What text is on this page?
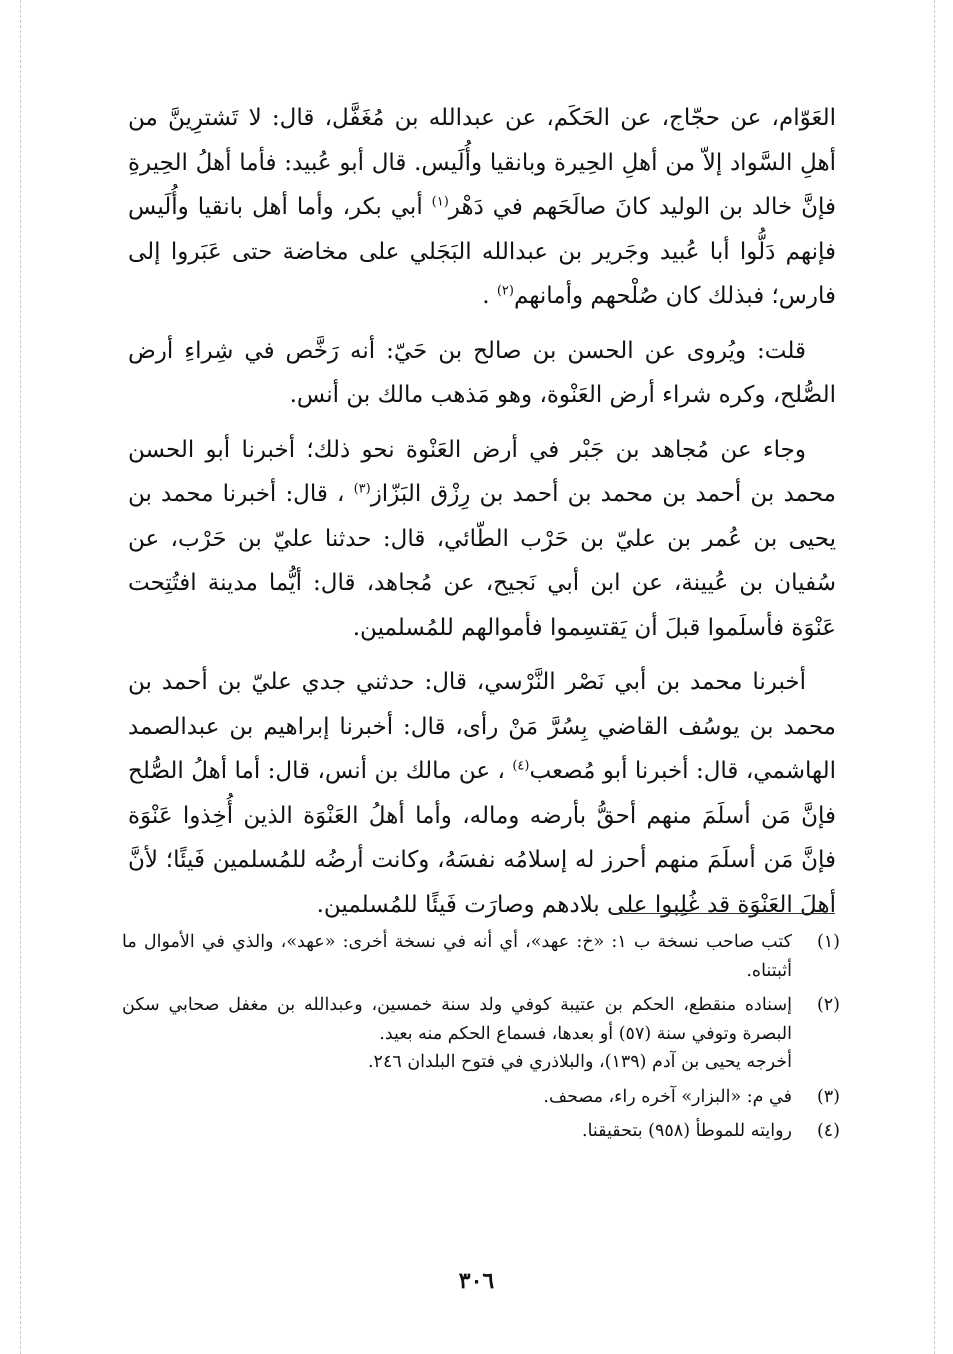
العَوّام، عن حجّاج، عن الحَكَم، عن عبدالله بن مُغَفَّل، قال: لا تَشترِينَّ من أهلِ السَّواد إلاّ من أهلِ الحِيرة وبانقيا وأُلَيس. قال أبو عُبيد: فأما أهلُ الحِيرةِ فإنَّ خالد بن الوليد كانَ صالَحَهم في دَهْر$^{(١)}$ أبي بكر، وأما أهل بانقيا وأُلَيس فإنهم دَلُّوا أبا عُبيد وجَرير بن عبدالله البَجَلي على مخاضة حتى عَبَروا إلى فارس؛ فبذلك كان صُلْحهم وأمانهم$^{(٢)}$ .

قلت: ويُروى عن الحسن بن صالح بن حَيّ: أنه رَخَّص في شِراءِ أرض الصُّلح، وكره شراء أرض العَنْوة، وهو مَذهب مالك بن أنس.

وجاء عن مُجاهد بن جَبْر في أرض العَنْوة نحو ذلك؛ أخبرنا أبو الحسن محمد بن أحمد بن محمد بن أحمد بن رِزْق البَزّاز$^{(٣)}$ ، قال: أخبرنا محمد بن يحيى بن عُمر بن عليّ بن حَرْب الطّائي، قال: حدثنا عليّ بن حَرْب، عن سُفيان بن عُيينة، عن ابن أبي نَجيح، عن مُجاهد، قال: أيُّما مدينة افتُتِحت عَنْوَة فأسلَموا قبلَ أن يَقتسِموا فأموالهم للمُسلمين.

أخبرنا محمد بن أبي نَصْر النَّرْسي، قال: حدثني جدي عليّ بن أحمد بن محمد بن يوسُف القاضي بِسُرَّ مَنْ رأى، قال: أخبرنا إبراهيم بن عبدالصمد الهاشمي، قال: أخبرنا أبو مُصعب$^{(٤)}$ ، عن مالك بن أنس، قال: أما أهلُ الصُّلح فإنَّ مَن أسلَمَ منهم أحقُّ بأرضه وماله، وأما أهلُ العَنْوَة الذين أُخِذوا عَنْوَة فإنَّ مَن أسلَمَ منهم أحرز له إسلامُه نفسَهُ، وكانت أرضُه للمُسلمين فَيئًا؛ لأنَّ أهلَ العَنْوَة قد غُلِبوا على بلادهم وصارَت فَيئًا للمُسلمين.

(١)
كتب صاحب نسخة ب ١: «خ: عهد»، أي أنه في نسخة أخرى: «عهد»، والذي في الأموال ما أثبتناه.
(٢)
إسناده منقطع، الحكم بن عتيبة كوفي ولد سنة خمسين، وعبدالله بن مغفل صحابي سكن البصرة وتوفي سنة (٥٧) أو بعدها، فسماع الحكم منه بعيد.
أخرجه يحيى بن آدم (١٣٩)، والبلاذري في فتوح البلدان ٢٤٦.
(٣)
في م: «البزار» آخره راء، مصحف.
(٤)
روايته للموطأ (٩٥٨) بتحقيقنا.
٣٠٦
